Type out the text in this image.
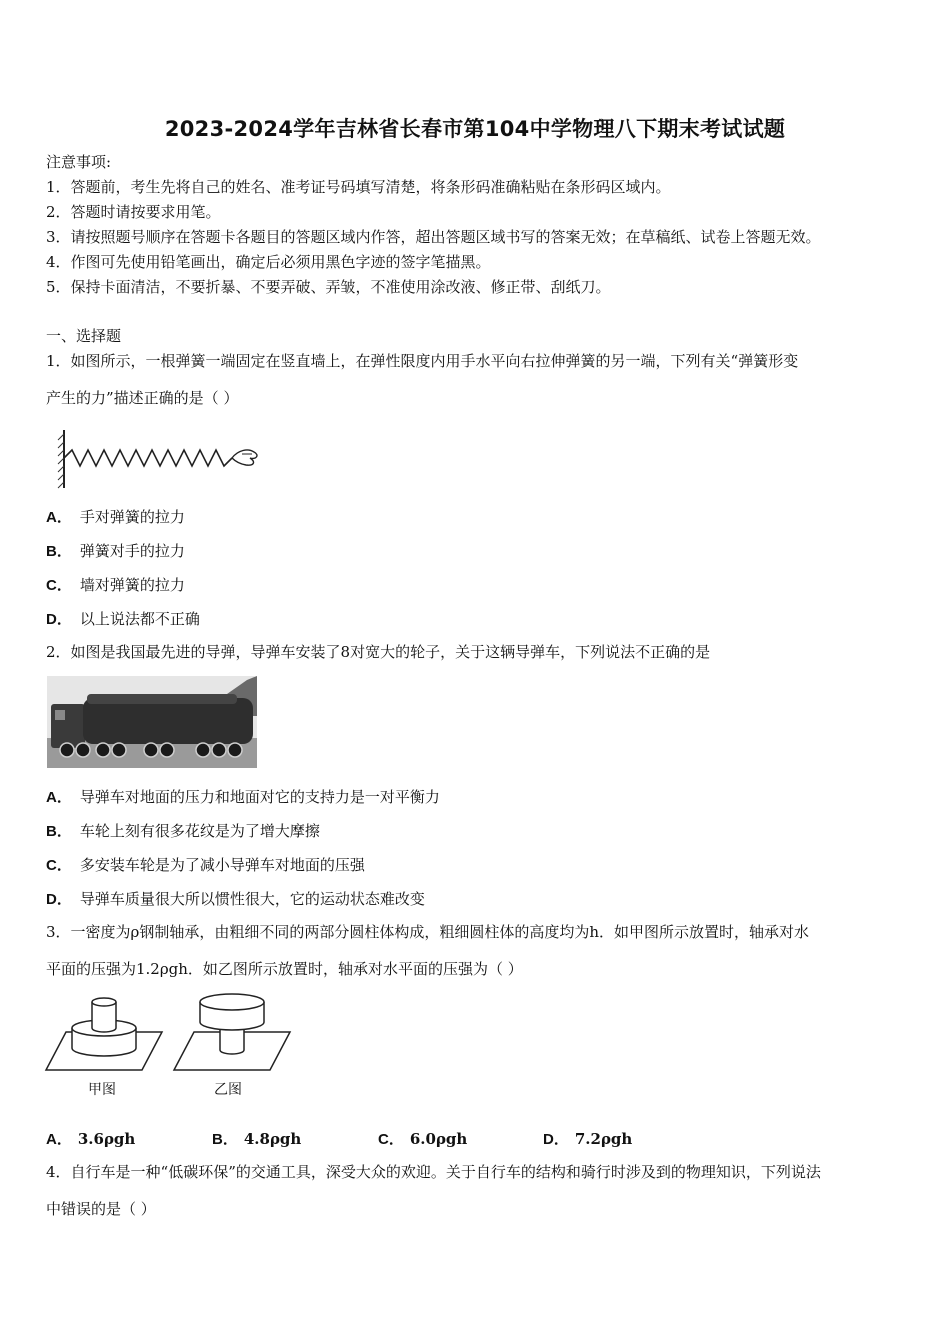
2023-2024学年吉林省长春市第104中学物理八下期末考试试题
注意事项:
1．答题前，考生先将自己的姓名、准考证号码填写清楚，将条形码准确粘贴在条形码区域内。
2．答题时请按要求用笔。
3．请按照题号顺序在答题卡各题目的答题区域内作答，超出答题区域书写的答案无效；在草稿纸、试卷上答题无效。
4．作图可先使用铅笔画出，确定后必须用黑色字迹的签字笔描黑。
5．保持卡面清洁，不要折暴、不要弄破、弄皱，不准使用涂改液、修正带、刮纸刀。
一、选择题
1．如图所示，一根弹簧一端固定在竖直墙上，在弹性限度内用手水平向右拉伸弹簧的另一端，下列有关“弹簧形变
产生的力”描述正确的是（ ）
A． 手对弹簧的拉力
B． 弹簧对手的拉力
C． 墙对弹簧的拉力
D． 以上说法都不正确
2．如图是我国最先进的导弹，导弹车安装了8对宽大的轮子，关于这辆导弹车，下列说法不正确的是
A． 导弹车对地面的压力和地面对它的支持力是一对平衡力
B． 车轮上刻有很多花纹是为了增大摩擦
C． 多安装车轮是为了减小导弹车对地面的压强
D． 导弹车质量很大所以惯性很大，它的运动状态难改变
3．一密度为ρ钢制轴承，由粗细不同的两部分圆柱体构成，粗细圆柱体的高度均为h．如甲图所示放置时，轴承对水
平面的压强为1.2ρgh．如乙图所示放置时，轴承对水平面的压强为（ ）
甲图	乙图
A． 3.6ρgh	B． 4.8ρgh	C． 6.0ρgh	D． 7.2ρgh
4．自行车是一种“低碳环保”的交通工具，深受大众的欢迎。关于自行车的结构和骑行时涉及到的物理知识，下列说法
中错误的是（ ）
